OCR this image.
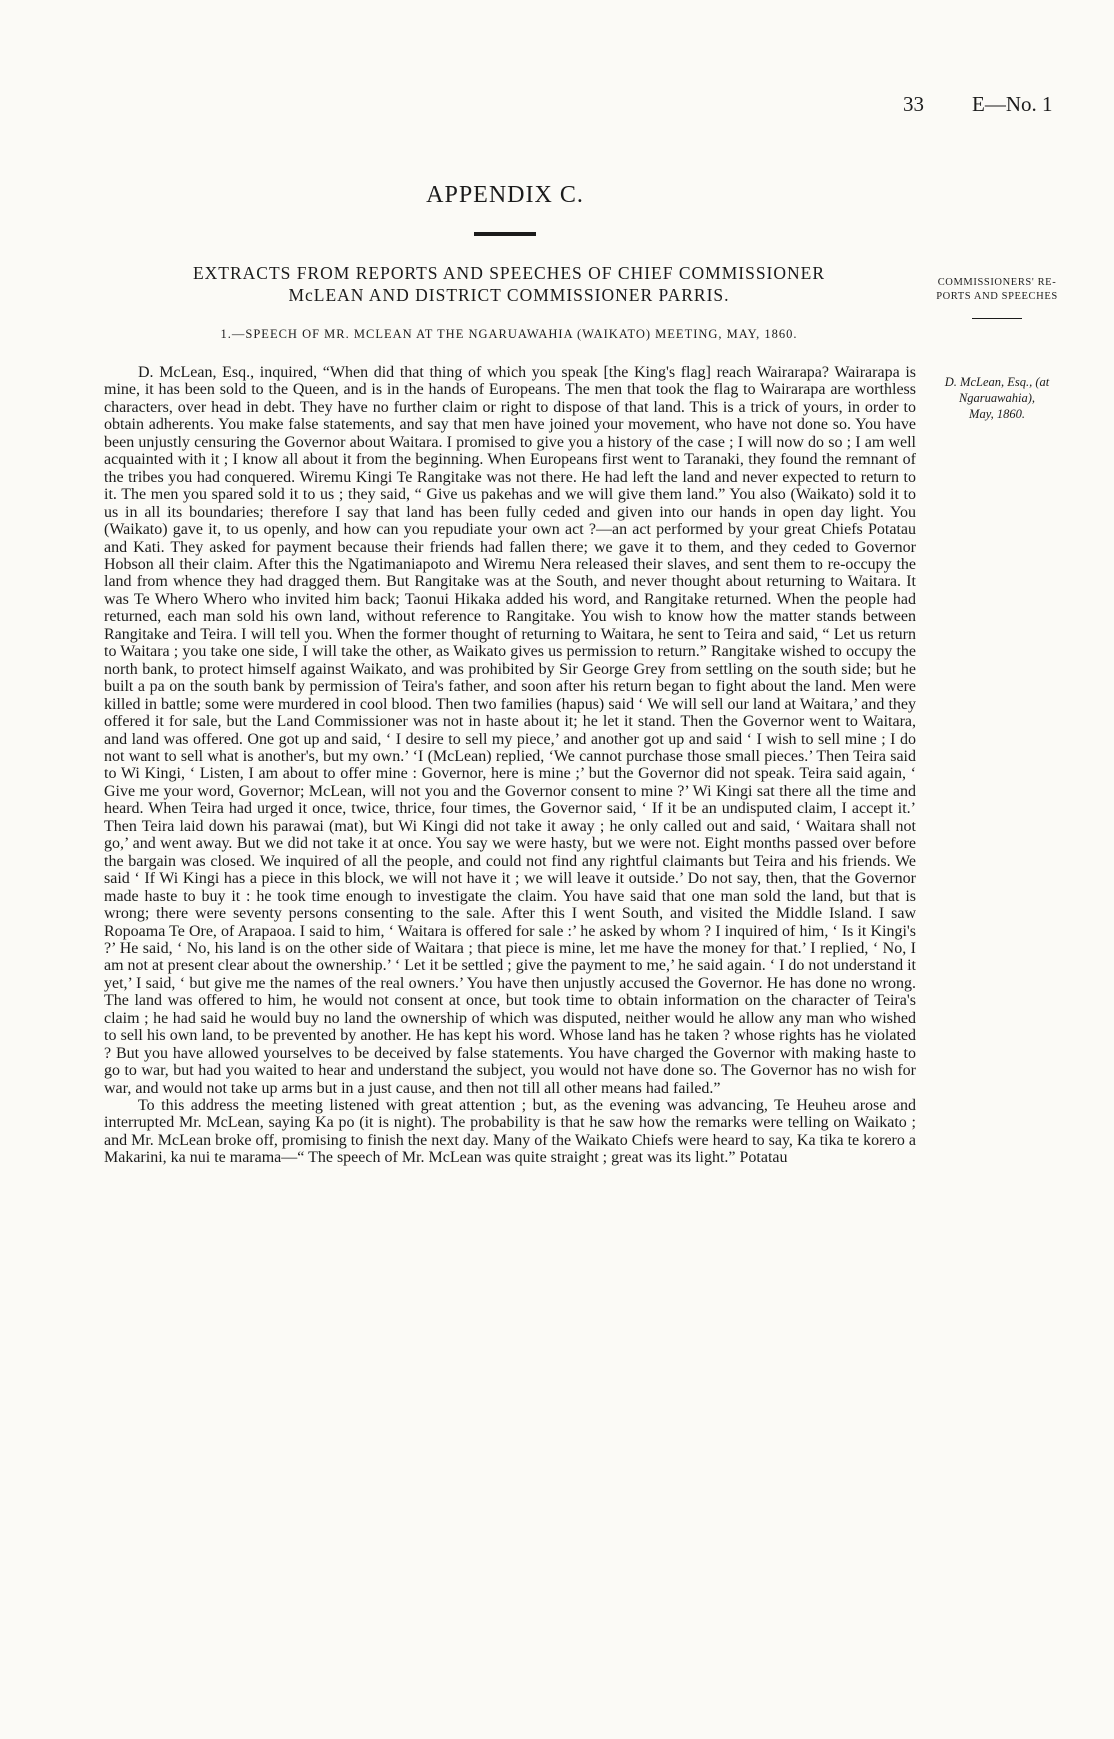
33 E—No. 1
APPENDIX C.
EXTRACTS FROM REPORTS AND SPEECHES OF CHIEF COMMISSIONER
McLEAN AND DISTRICT COMMISSIONER PARRIS.
COMMISSIONERS' RE-
PORTS AND SPEECHES
1.—SPEECH OF MR. MCLEAN AT THE NGARUAWAHIA (WAIKATO) MEETING, MAY, 1860.
D. McLean, Esq., (at
Ngaruawahia),
May, 1860.

D. McLean, Esq., inquired, “When did that thing of which you speak [the King's flag] reach Wairarapa? Wairarapa is mine, it has been sold to the Queen, and is in the hands of Europeans. The men that took the flag to Wairarapa are worthless characters, over head in debt. They have no further claim or right to dispose of that land. This is a trick of yours, in order to obtain adherents. You make false statements, and say that men have joined your movement, who have not done so. You have been unjustly censuring the Governor about Waitara. I promised to give you a history of the case ; I will now do so ; I am well acquainted with it ; I know all about it from the beginning. When Europeans first went to Taranaki, they found the remnant of the tribes you had conquered. Wiremu Kingi Te Rangitake was not there. He had left the land and never expected to return to it. The men you spared sold it to us ; they said, “ Give us pakehas and we will give them land.” You also (Waikato) sold it to us in all its boundaries; therefore I say that land has been fully ceded and given into our hands in open day light. You (Waikato) gave it, to us openly, and how can you repudiate your own act ?—an act performed by your great Chiefs Potatau and Kati. They asked for payment because their friends had fallen there; we gave it to them, and they ceded to Governor Hobson all their claim. After this the Ngatimaniapoto and Wiremu Nera released their slaves, and sent them to re-occupy the land from whence they had dragged them. But Rangitake was at the South, and never thought about returning to Waitara. It was Te Whero Whero who invited him back; Taonui Hikaka added his word, and Rangitake returned. When the people had returned, each man sold his own land, without reference to Rangitake. You wish to know how the matter stands between Rangitake and Teira. I will tell you. When the former thought of returning to Waitara, he sent to Teira and said, “ Let us return to Waitara ; you take one side, I will take the other, as Waikato gives us permission to return.” Rangitake wished to occupy the north bank, to protect himself against Waikato, and was prohibited by Sir George Grey from settling on the south side; but he built a pa on the south bank by permission of Teira's father, and soon after his return began to fight about the land. Men were killed in battle; some were murdered in cool blood. Then two families (hapus) said ‘ We will sell our land at Waitara,’ and they offered it for sale, but the Land Commissioner was not in haste about it; he let it stand. Then the Governor went to Waitara, and land was offered. One got up and said, ‘ I desire to sell my piece,’ and another got up and said ‘ I wish to sell mine ; I do not want to sell what is another's, but my own.’ ‘I (McLean) replied, ‘We cannot purchase those small pieces.’ Then Teira said to Wi Kingi, ‘ Listen, I am about to offer mine : Governor, here is mine ;’ but the Governor did not speak. Teira said again, ‘ Give me your word, Governor; McLean, will not you and the Governor consent to mine ?’ Wi Kingi sat there all the time and heard. When Teira had urged it once, twice, thrice, four times, the Governor said, ‘ If it be an undisputed claim, I accept it.’ Then Teira laid down his parawai (mat), but Wi Kingi did not take it away ; he only called out and said, ‘ Waitara shall not go,’ and went away. But we did not take it at once. You say we were hasty, but we were not. Eight months passed over before the bargain was closed. We inquired of all the people, and could not find any rightful claimants but Teira and his friends. We said ‘ If Wi Kingi has a piece in this block, we will not have it ; we will leave it outside.’ Do not say, then, that the Governor made haste to buy it : he took time enough to investigate the claim. You have said that one man sold the land, but that is wrong; there were seventy persons consenting to the sale. After this I went South, and visited the Middle Island. I saw Ropoama Te Ore, of Arapaoa. I said to him, ‘ Waitara is offered for sale :’ he asked by whom ? I inquired of him, ‘ Is it Kingi's ?’ He said, ‘ No, his land is on the other side of Waitara ; that piece is mine, let me have the money for that.’ I replied, ‘ No, I am not at present clear about the ownership.’ ‘ Let it be settled ; give the payment to me,’ he said again. ‘ I do not understand it yet,’ I said, ‘ but give me the names of the real owners.’ You have then unjustly accused the Governor. He has done no wrong. The land was offered to him, he would not consent at once, but took time to obtain information on the character of Teira's claim ; he had said he would buy no land the ownership of which was disputed, neither would he allow any man who wished to sell his own land, to be prevented by another. He has kept his word. Whose land has he taken ? whose rights has he violated ? But you have allowed yourselves to be deceived by false statements. You have charged the Governor with making haste to go to war, but had you waited to hear and understand the subject, you would not have done so. The Governor has no wish for war, and would not take up arms but in a just cause, and then not till all other means had failed.”

To this address the meeting listened with great attention ; but, as the evening was advancing, Te Heuheu arose and interrupted Mr. McLean, saying Ka po (it is night). The probability is that he saw how the remarks were telling on Waikato ; and Mr. McLean broke off, promising to finish the next day. Many of the Waikato Chiefs were heard to say, Ka tika te korero a Makarini, ka nui te marama—“ The speech of Mr. McLean was quite straight ; great was its light.” Potatau
